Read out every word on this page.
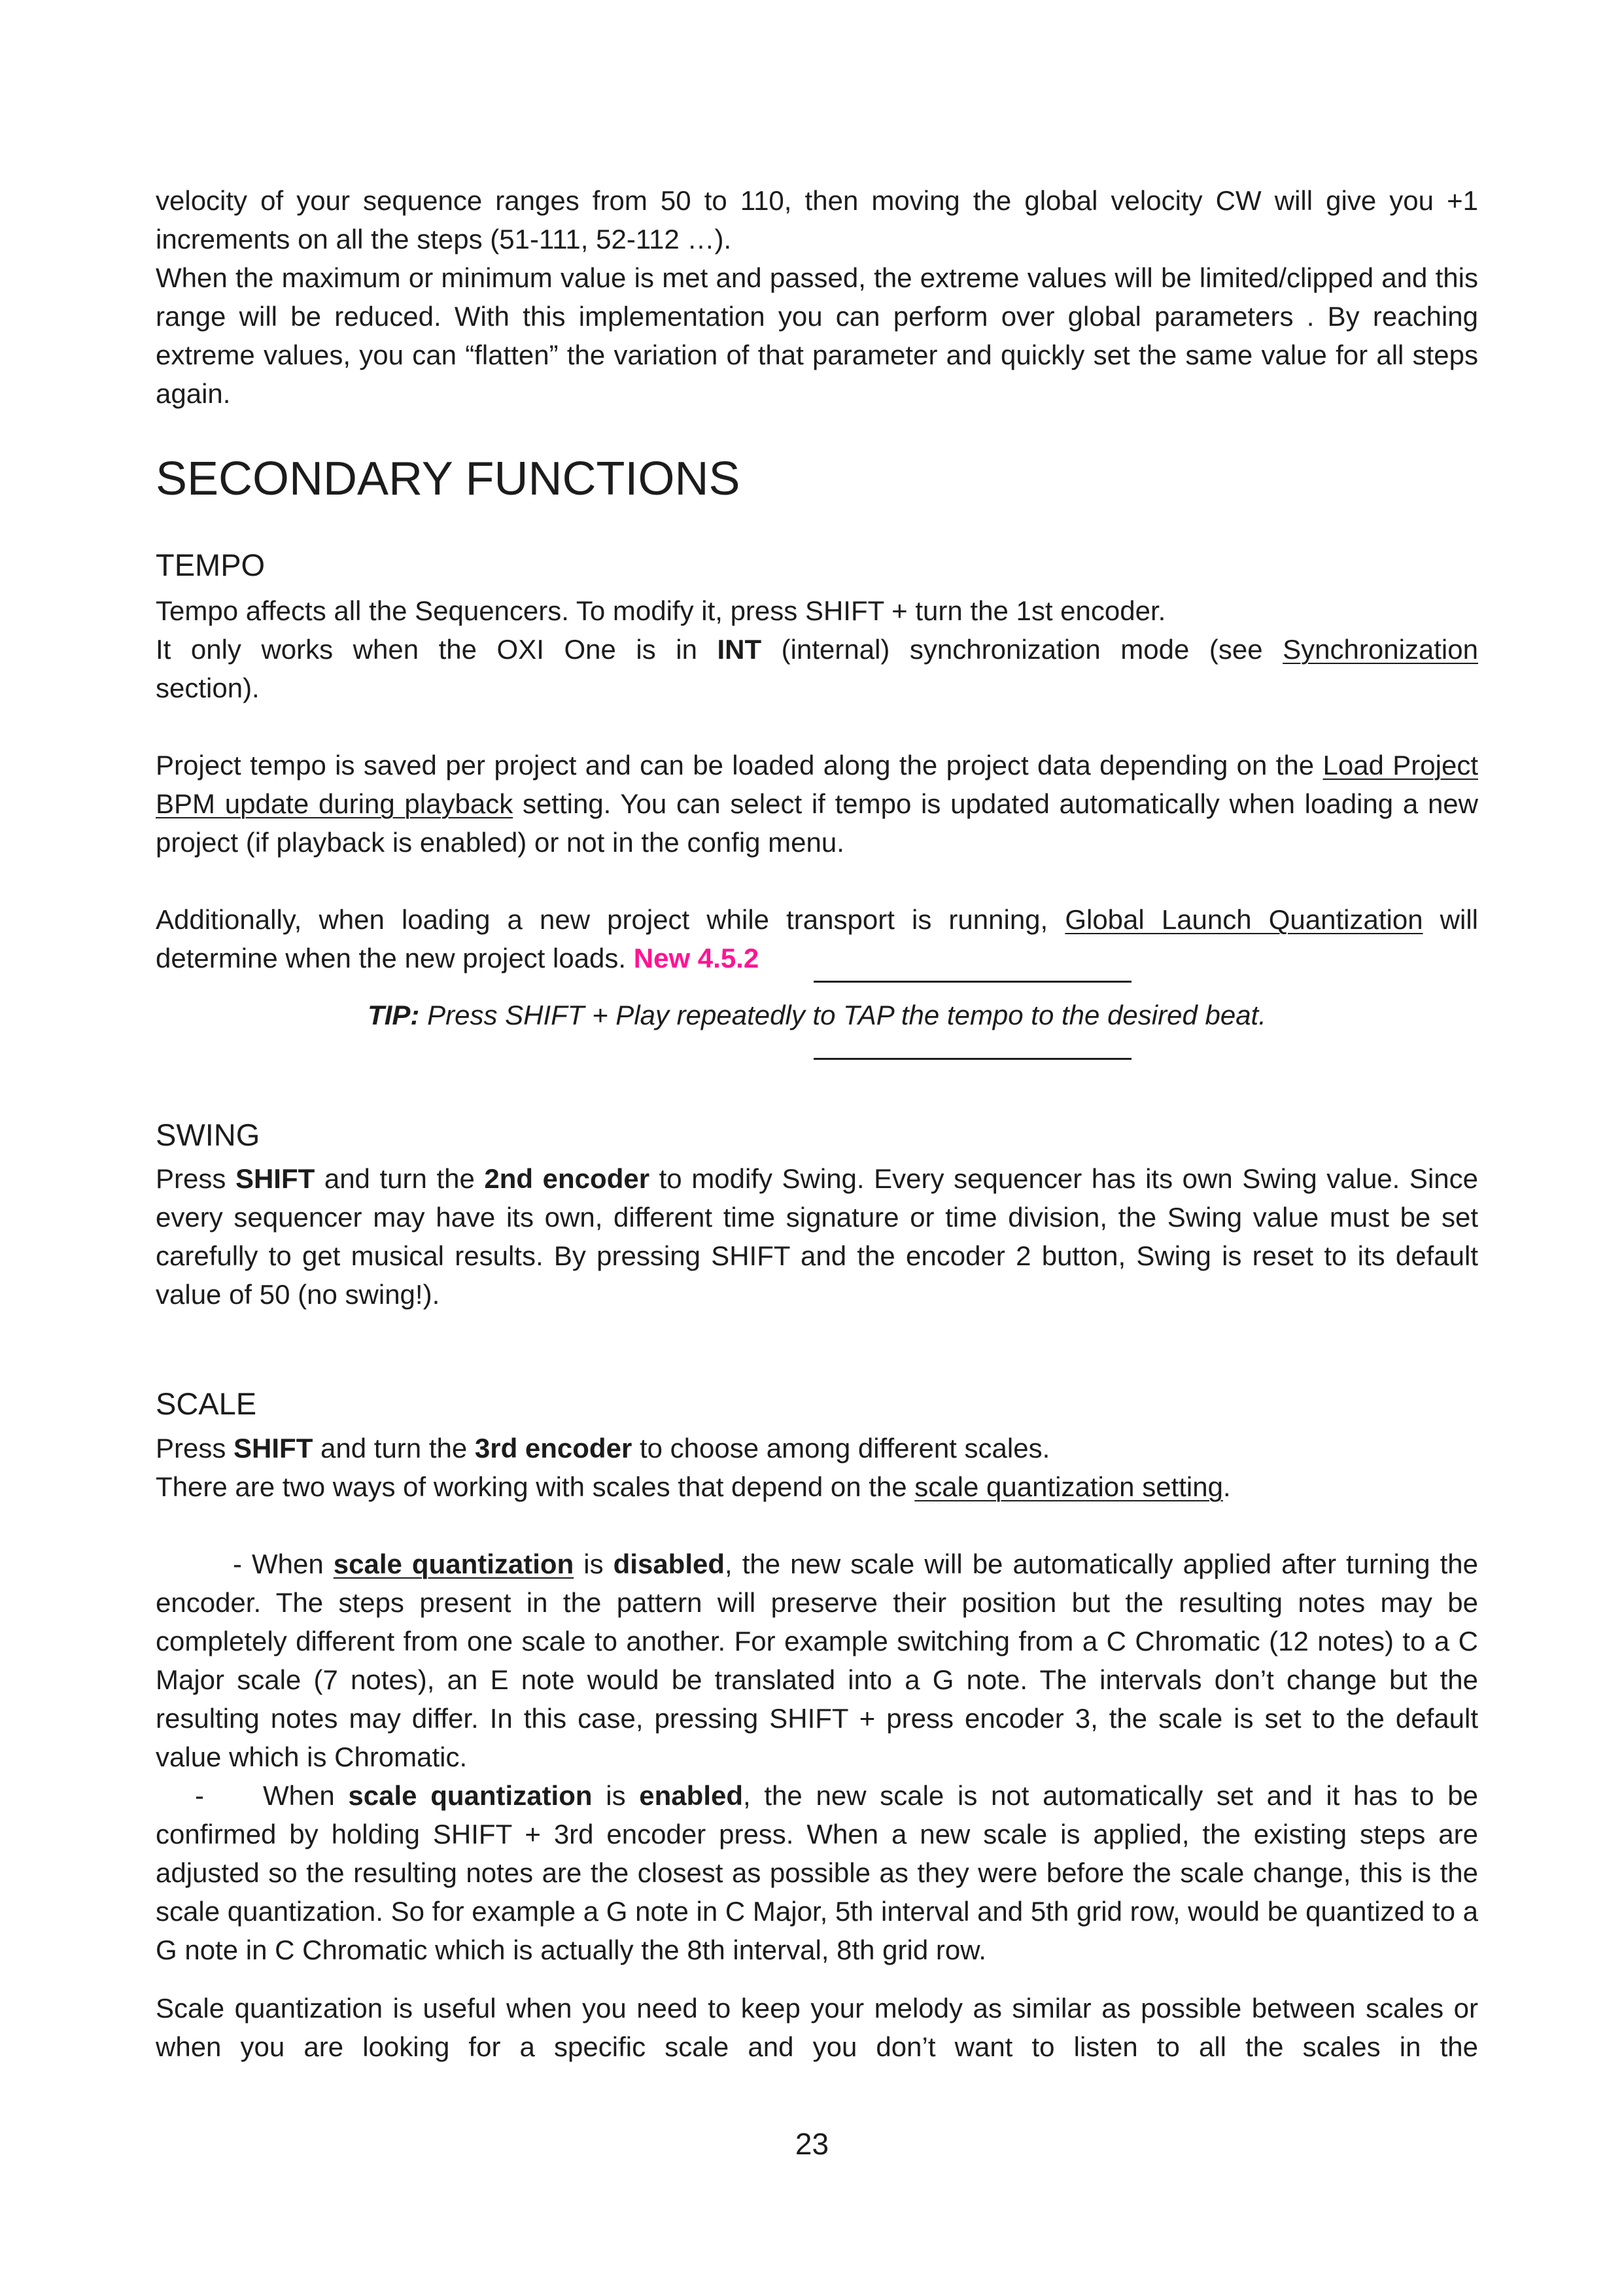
velocity of your sequence ranges from 50 to 110, then moving the global velocity CW will give you +1

increments on all the steps (51-111, 52-112 …).

When the maximum or minimum value is met and passed, the extreme values will be limited/clipped and this range will be reduced. With this implementation you can perform over global parameters . By reaching extreme values, you can “flatten” the variation of that parameter and quickly set the same value for all steps again.

SECONDARY FUNCTIONS
TEMPO

Tempo affects all the Sequencers. To modify it, press SHIFT + turn the 1st encoder.

It only works when the OXI One is in INT (internal) synchronization mode (see Synchronization

section).

Project tempo is saved per project and can be loaded along the project data depending on the Load Project BPM update during playback setting. You can select if tempo is updated automatically when loading a new project (if playback is enabled) or not in the config menu.

Additionally, when loading a new project while transport is running, Global Launch Quantization will determine when the new project loads. New 4.5.2

TIP: Press SHIFT + Play repeatedly to TAP the tempo to the desired beat.
SWING

Press SHIFT and turn the 2nd encoder to modify Swing. Every sequencer has its own Swing value. Since every sequencer may have its own, different time signature or time division, the Swing value must be set carefully to get musical results. By pressing SHIFT and the encoder 2 button, Swing is reset to its default value of 50 (no swing!).

SCALE

Press SHIFT and turn the 3rd encoder to choose among different scales.

There are two ways of working with scales that depend on the scale quantization setting.

- When scale quantization is disabled, the new scale will be automatically applied after turning the encoder. The steps present in the pattern will preserve their position but the resulting notes may be completely different from one scale to another. For example switching from a C Chromatic (12 notes) to a C Major scale (7 notes), an E note would be translated into a G note. The intervals don’t change but the resulting notes may differ. In this case, pressing SHIFT + press encoder 3, the scale is set to the default value which is Chromatic.

- When scale quantization is enabled, the new scale is not automatically set and it has to be confirmed by holding SHIFT + 3rd encoder press. When a new scale is applied, the existing steps are adjusted so the resulting notes are the closest as possible as they were before the scale change, this is the scale quantization. So for example a G note in C Major, 5th interval and 5th grid row, would be quantized to a G note in C Chromatic which is actually the 8th interval, 8th grid row.

Scale quantization is useful when you need to keep your melody as similar as possible between scales or when you are looking for a specific scale and you don’t want to listen to all the scales in the

23
